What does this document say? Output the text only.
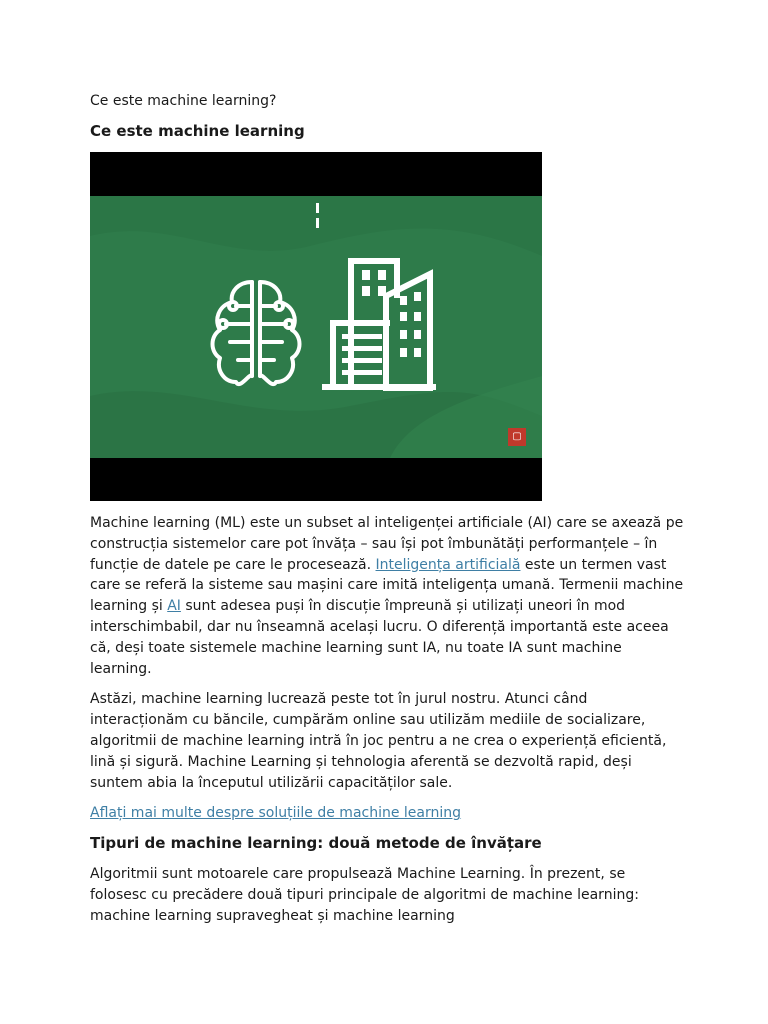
Ce este machine learning?
Ce este machine learning
▢

Machine learning (ML) este un subset al inteligenței artificiale (AI) care se axează pe construcția sistemelor care pot învăța – sau își pot îmbunătăți performanțele – în funcție de datele pe care le procesează. Inteligența artificială este un termen vast care se referă la sisteme sau mașini care imită inteligența umană. Termenii machine learning și AI sunt adesea puși în discuție împreună și utilizați uneori în mod interschimbabil, dar nu înseamnă același lucru. O diferență importantă este aceea că, deși toate sistemele machine learning sunt IA, nu toate IA sunt machine learning.

Astăzi, machine learning lucrează peste tot în jurul nostru. Atunci când interacționăm cu băncile, cumpărăm online sau utilizăm mediile de socializare, algoritmii de machine learning intră în joc pentru a ne crea o experiență eficientă, lină și sigură. Machine Learning și tehnologia aferentă se dezvoltă rapid, deși suntem abia la începutul utilizării capacităților sale.

Aflați mai multe despre soluțiile de machine learning

Tipuri de machine learning: două metode de învățare

Algoritmii sunt motoarele care propulsează Machine Learning. În prezent, se folosesc cu precădere două tipuri principale de algoritmi de machine learning: machine learning supravegheat și machine learning
